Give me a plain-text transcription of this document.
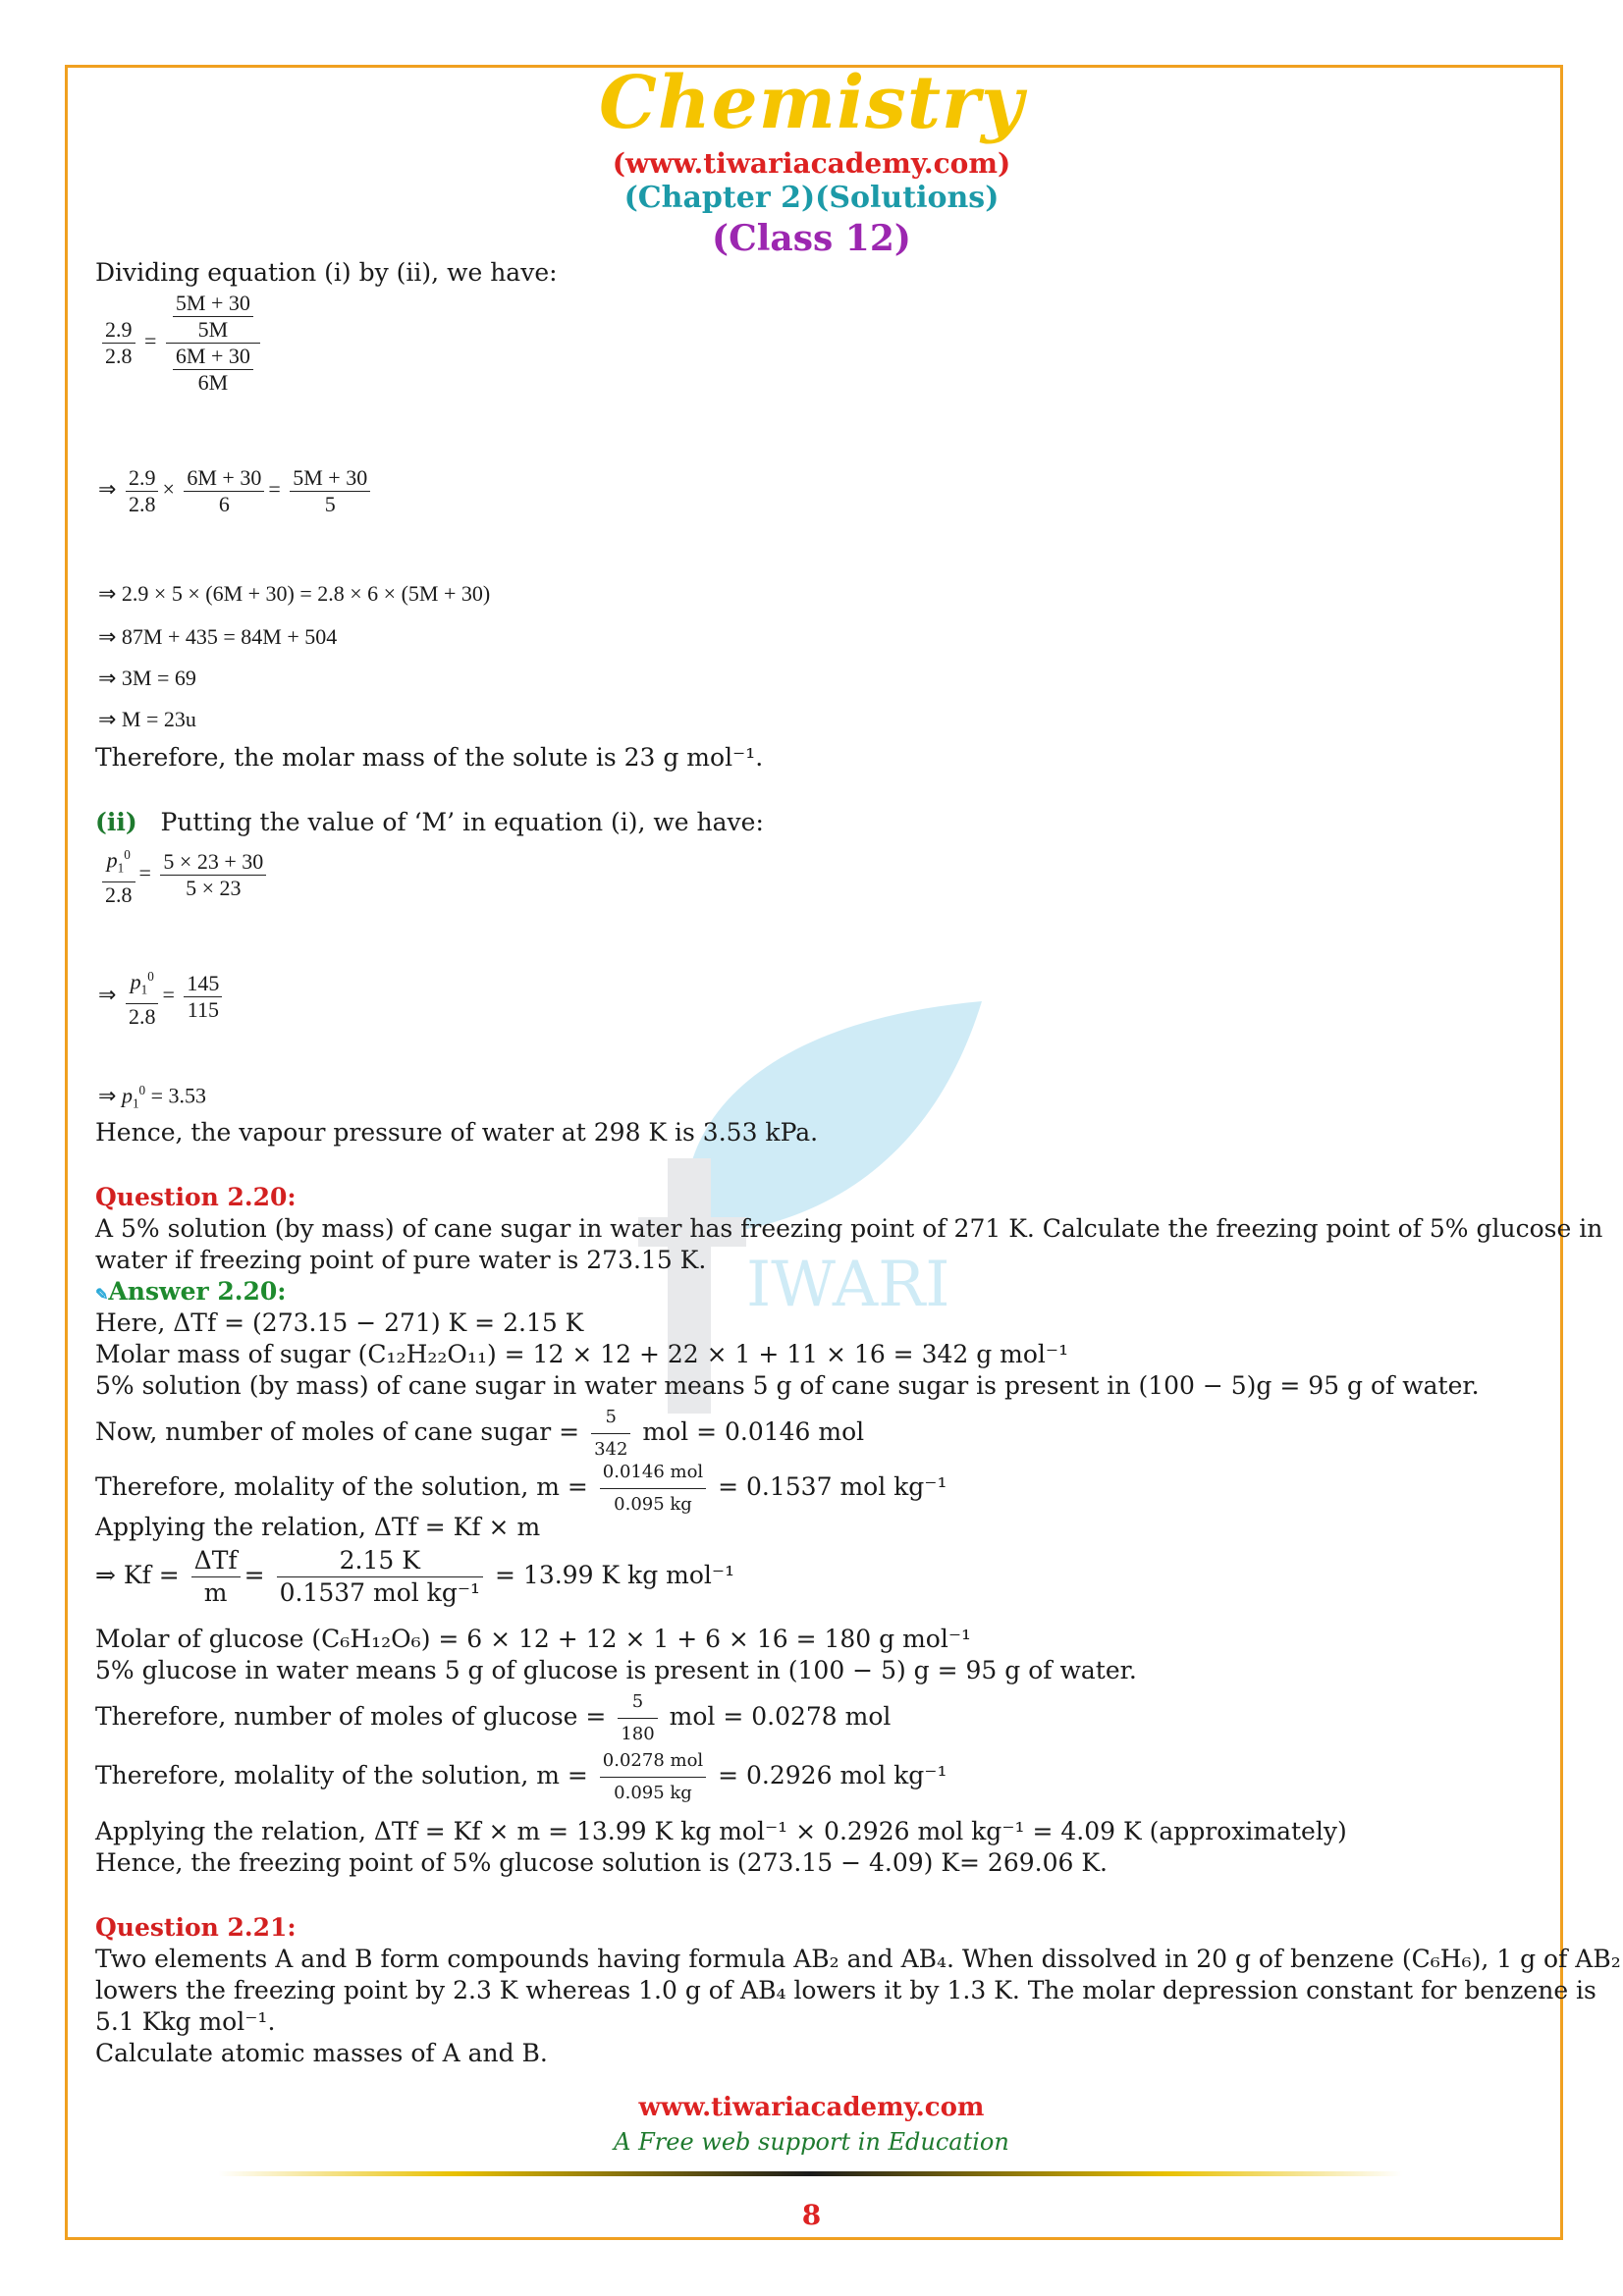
Chemistry
(www.tiwariacademy.com)
(Chapter 2)(Solutions)
(Class 12)
IWARI
Dividing equation (i) by (ii), we have:
$\frac{2.9}{2.8} = \frac{\frac{5M + 30}{5M}}{\frac{6M + 30}{6M}}$
⇒ $\frac{2.9}{2.8} \times \frac{6M + 30}{6} = \frac{5M + 30}{5}$
⇒ 2.9 × 5 × (6M + 30) = 2.8 × 6 × (5M + 30)
⇒ 87M + 435 = 84M + 504
⇒ 3M = 69
⇒ M = 23u
Therefore, the molar mass of the solute is 23 g mol⁻¹.
(ii) Putting the value of ‘M’ in equation (i), we have:
$\frac{p_1^0}{2.8} = \frac{5 \times 23 + 30}{5 \times 23}$
⇒ $\frac{p_1^0}{2.8} = \frac{145}{115}$
⇒ $p_1^0 = 3.53$
Hence, the vapour pressure of water at 298 K is 3.53 kPa.
Question 2.20:
A 5% solution (by mass) of cane sugar in water has freezing point of 271 K. Calculate the freezing point of 5% glucose in
water if freezing point of pure water is 273.15 K.
✎Answer 2.20:
Here, ΔTf = (273.15 − 271) K = 2.15 K
Molar mass of sugar (C₁₂H₂₂O₁₁) = 12 × 12 + 22 × 1 + 11 × 16 = 342 g mol⁻¹
5% solution (by mass) of cane sugar in water means 5 g of cane sugar is present in (100 − 5)g = 95 g of water.
Now, number of moles of cane sugar = $\frac{5}{342}$ mol = 0.0146 mol
Therefore, molality of the solution, $m = \frac{\text{0.0146 mol}}{0.095 kg} = 0.1537$ mol kg⁻¹
Applying the relation, ΔTf = Kf × m
⇒ $Kf = \frac{\text{ΔTf}}{m} = \frac{2.15 K}{\text{0.1537 mol kg⁻¹}} = 13.99$ K kg mol⁻¹
Molar of glucose (C₆H₁₂O₆) = 6 × 12 + 12 × 1 + 6 × 16 = 180 g mol⁻¹
5% glucose in water means 5 g of glucose is present in (100 − 5) g = 95 g of water.
Therefore, number of moles of $glucose = \frac{5}{180}$ mol = 0.0278 mol
Therefore, molality of the solution, $m = \frac{\text{0.0278 mol}}{0.095 kg} = 0.2926$ mol kg⁻¹
Applying the relation, ΔTf = Kf × m = 13.99 K kg mol⁻¹ × 0.2926 mol kg⁻¹ = 4.09 K (approximately)
Hence, the freezing point of 5% glucose solution is (273.15 − 4.09) K= 269.06 K.
Question 2.21:
Two elements A and B form compounds having formula AB₂ and AB₄. When dissolved in 20 g of benzene (C₆H₆), 1 g of AB₂
lowers the freezing point by 2.3 K whereas 1.0 g of AB₄ lowers it by 1.3 K. The molar depression constant for benzene is
5.1 Kkg mol⁻¹.
Calculate atomic masses of A and B.
www.tiwariacademy.com
A Free web support in Education
8
